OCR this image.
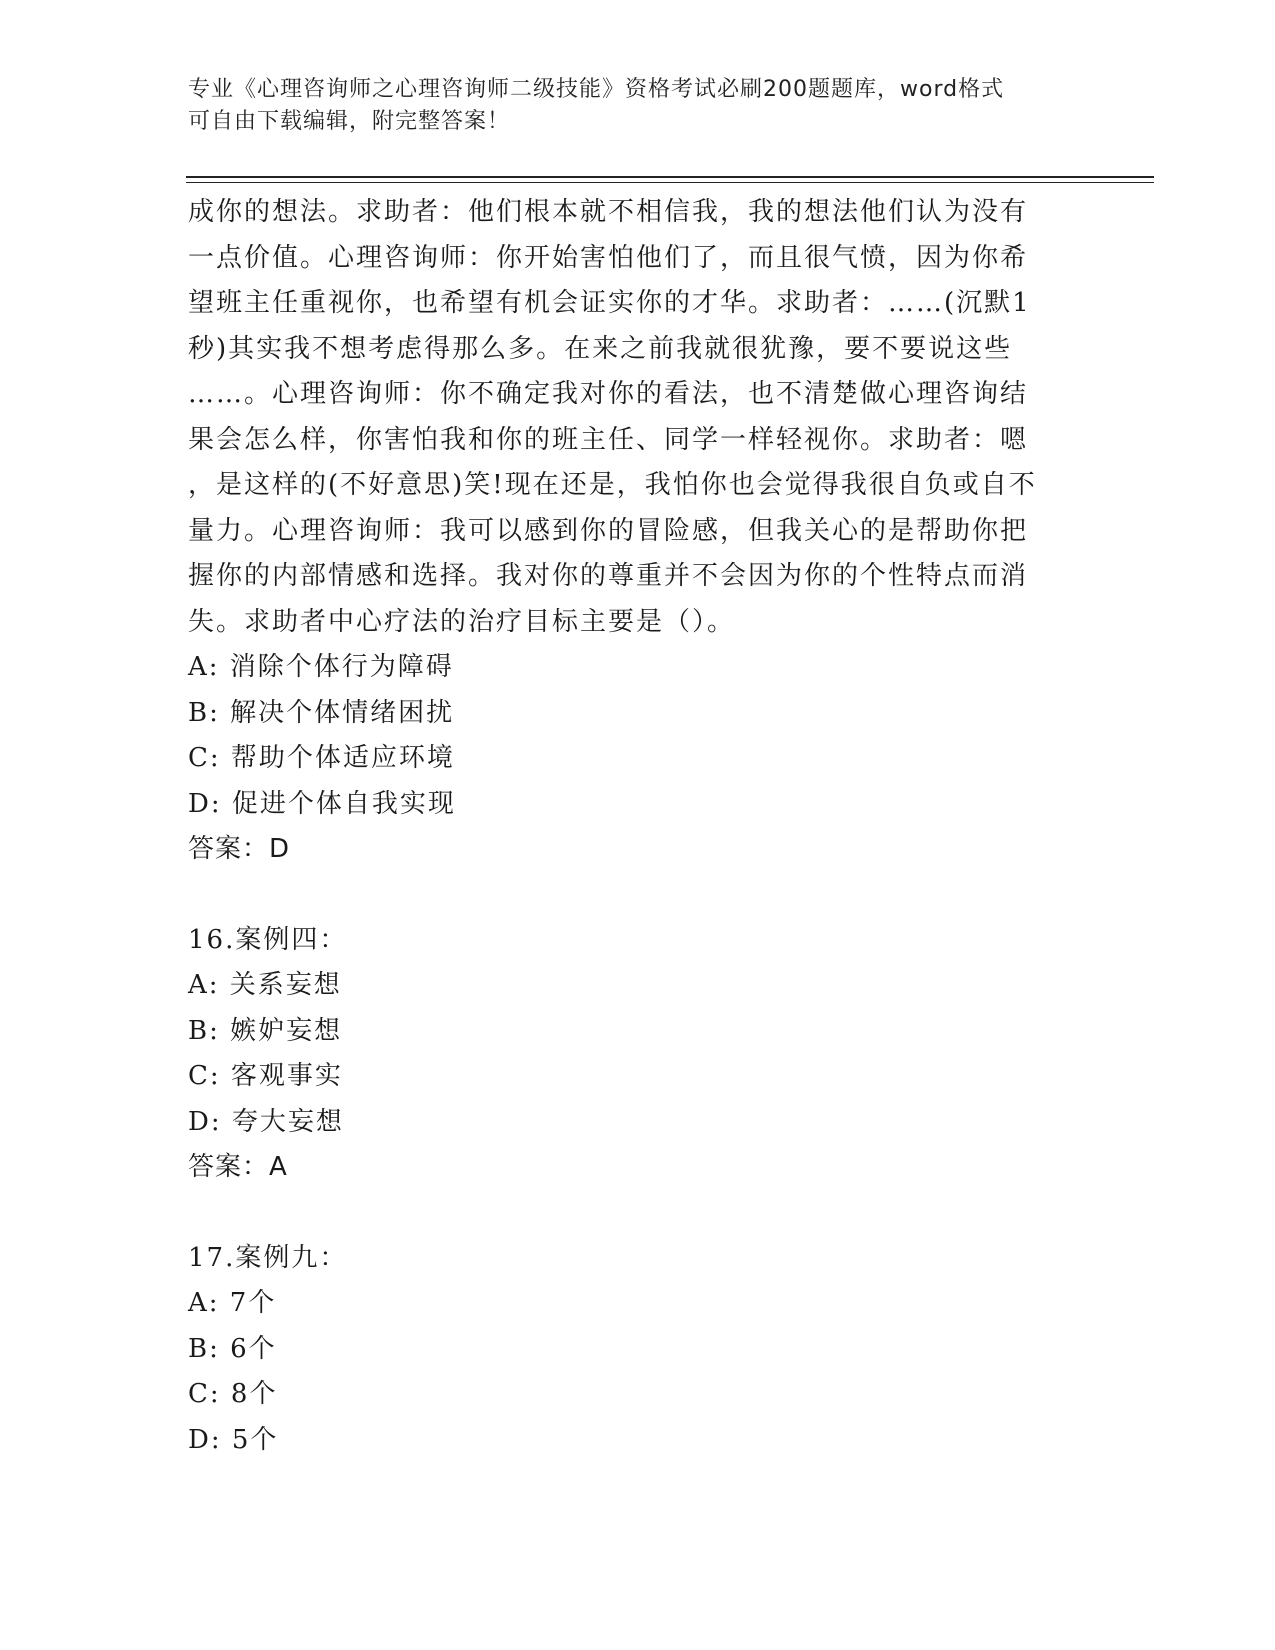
专业《心理咨询师之心理咨询师二级技能》资格考试必刷200题题库，word格式
可自由下载编辑，附完整答案！
成你的想法。求助者：他们根本就不相信我，我的想法他们认为没有
一点价值。心理咨询师：你开始害怕他们了，而且很气愤，因为你希
望班主任重视你，也希望有机会证实你的才华。求助者：……(沉默1
秒)其实我不想考虑得那么多。在来之前我就很犹豫，要不要说这些
……。心理咨询师：你不确定我对你的看法，也不清楚做心理咨询结
果会怎么样，你害怕我和你的班主任、同学一样轻视你。求助者：嗯
，是这样的(不好意思)笑!现在还是，我怕你也会觉得我很自负或自不
量力。心理咨询师：我可以感到你的冒险感，但我关心的是帮助你把
握你的内部情感和选择。我对你的尊重并不会因为你的个性特点而消
失。求助者中心疗法的治疗目标主要是（）。
A: 消除个体行为障碍
B: 解决个体情绪困扰
C: 帮助个体适应环境
D: 促进个体自我实现
答案：D
16.案例四：
A: 关系妄想
B: 嫉妒妄想
C: 客观事实
D: 夸大妄想
答案：A
17.案例九：
A: 7个
B: 6个
C: 8个
D: 5个
